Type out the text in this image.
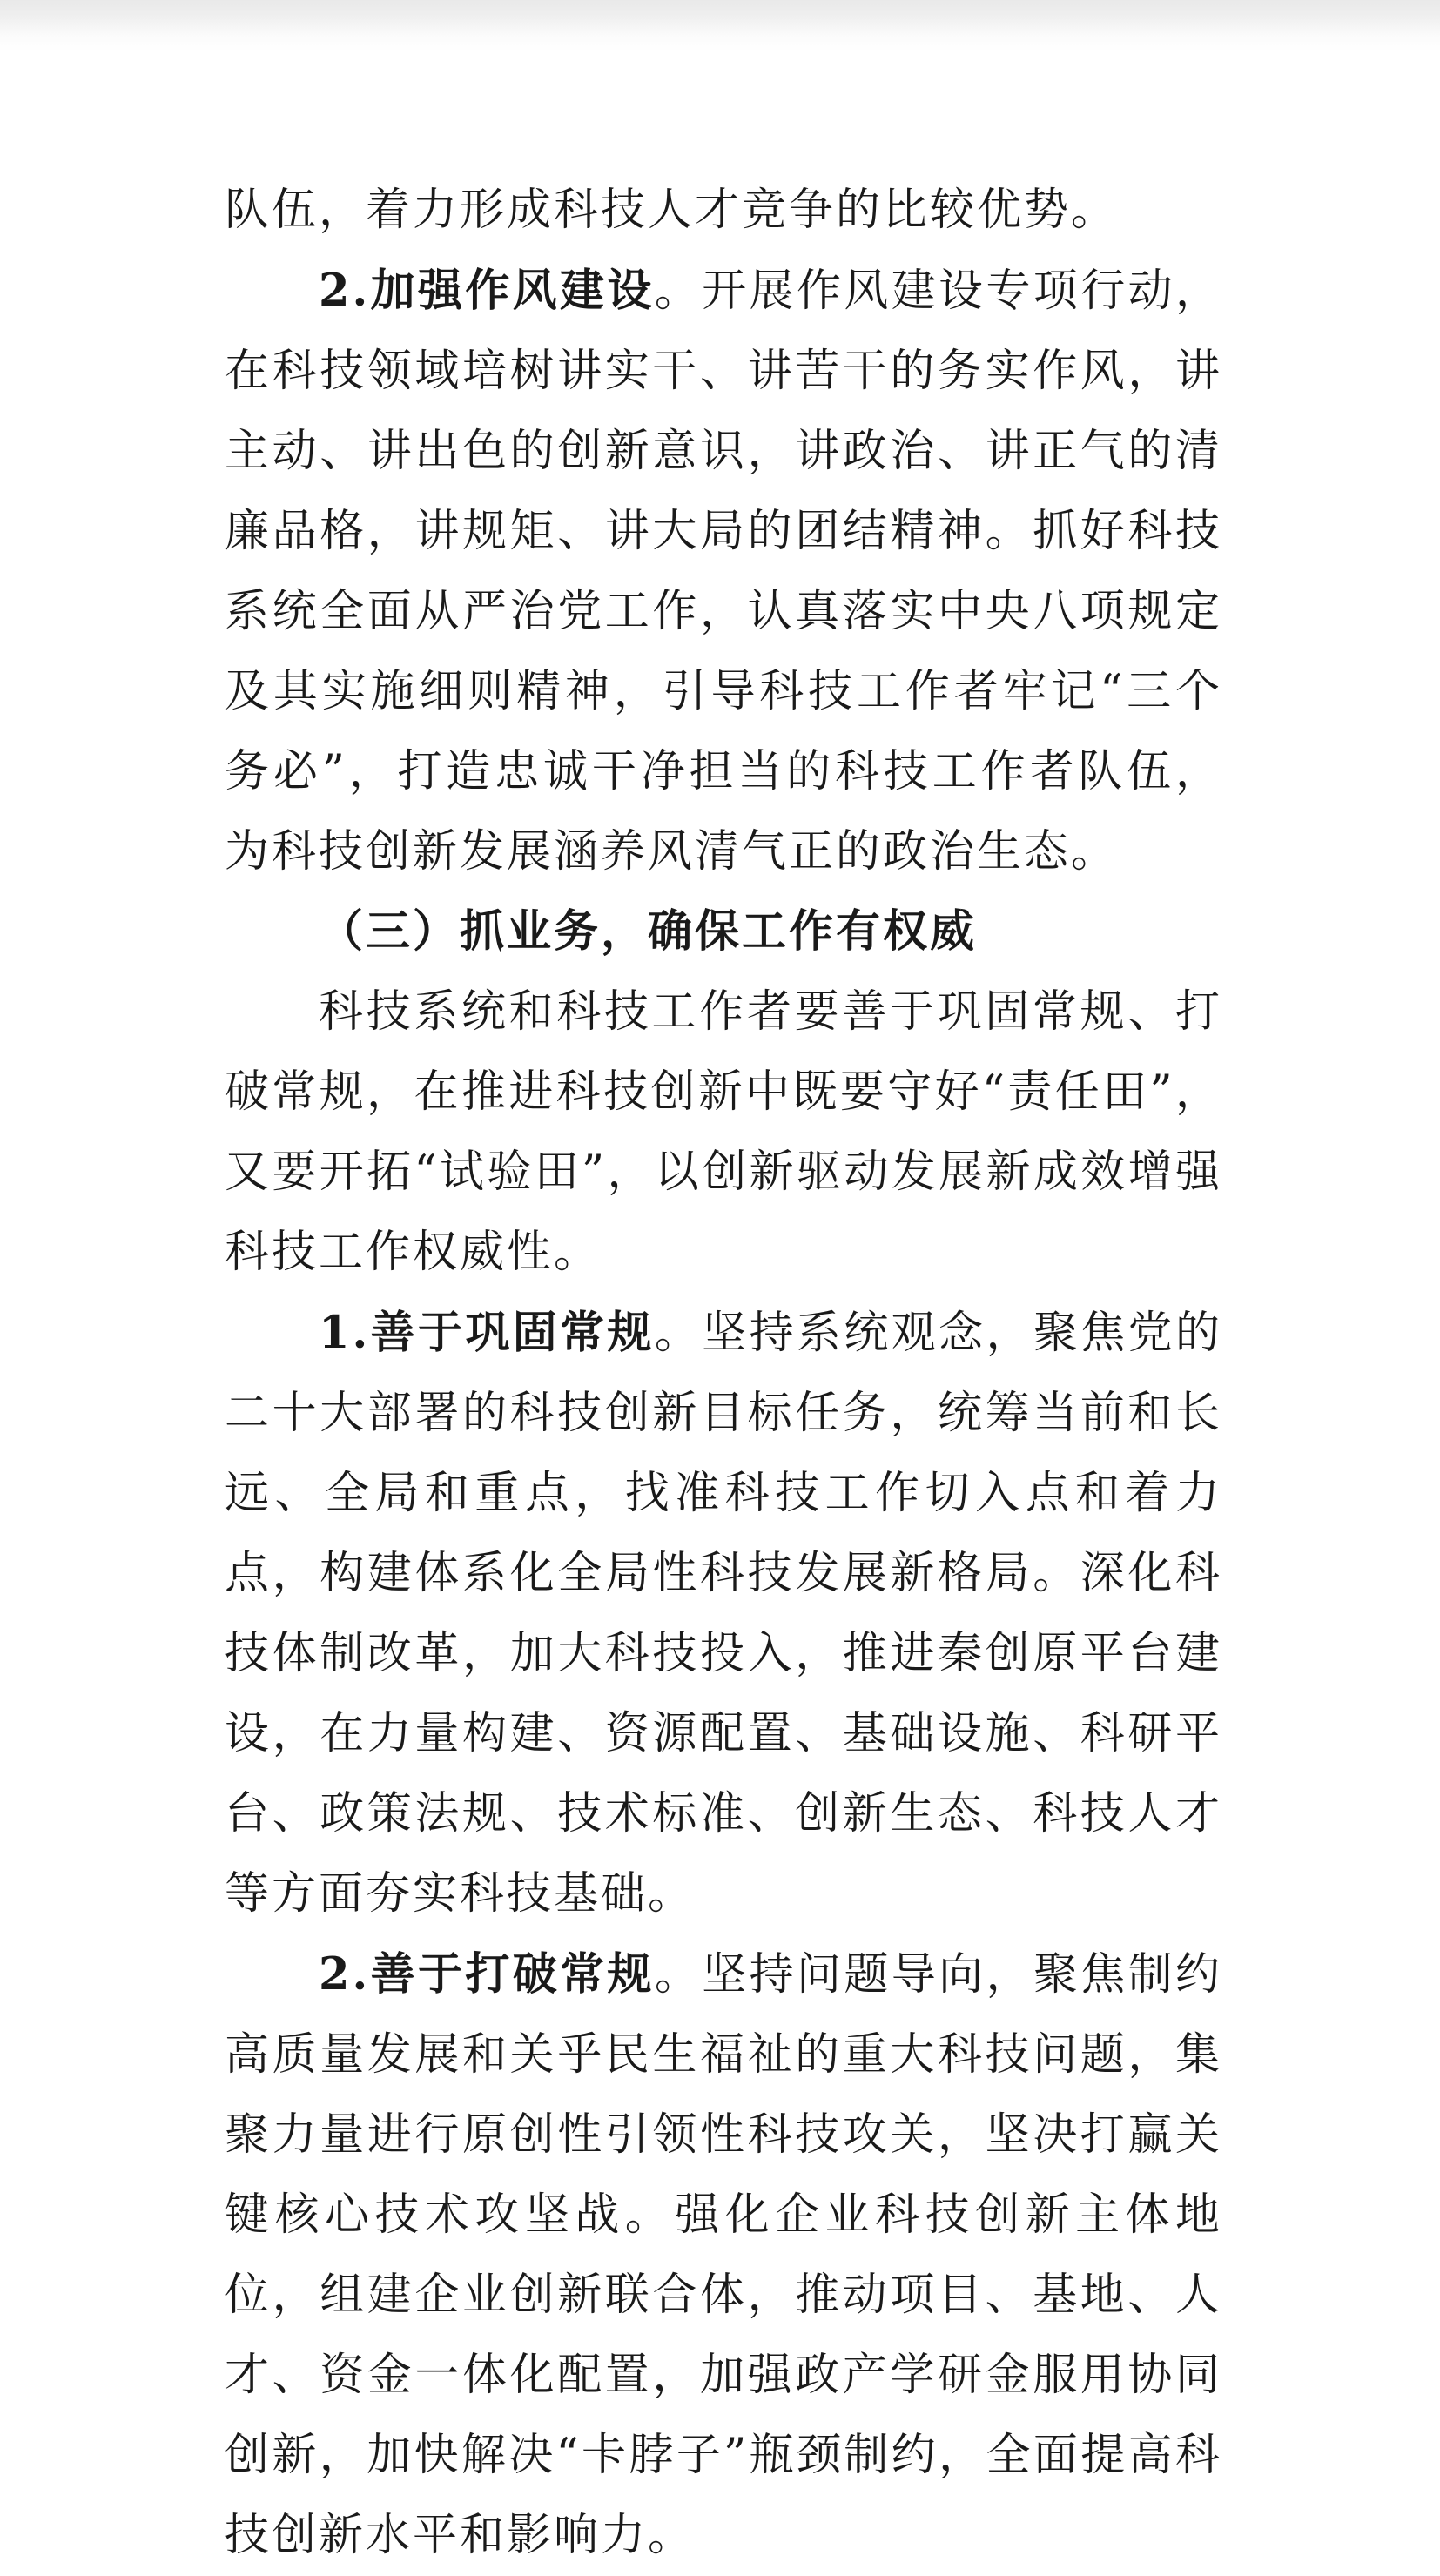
队伍，着力形成科技人才竞争的比较优势。

2.加强作风建设。开展作风建设专项行动，在科技领域培树讲实干、讲苦干的务实作风，讲主动、讲出色的创新意识，讲政治、讲正气的清廉品格，讲规矩、讲大局的团结精神。抓好科技系统全面从严治党工作，认真落实中央八项规定及其实施细则精神，引导科技工作者牢记“三个务必”，打造忠诚干净担当的科技工作者队伍，为科技创新发展涵养风清气正的政治生态。

（三）抓业务，确保工作有权威

科技系统和科技工作者要善于巩固常规、打破常规，在推进科技创新中既要守好“责任田”，又要开拓“试验田”，以创新驱动发展新成效增强科技工作权威性。

1.善于巩固常规。坚持系统观念，聚焦党的二十大部署的科技创新目标任务，统筹当前和长远、全局和重点，找准科技工作切入点和着力点，构建体系化全局性科技发展新格局。深化科技体制改革，加大科技投入，推进秦创原平台建设，在力量构建、资源配置、基础设施、科研平台、政策法规、技术标准、创新生态、科技人才等方面夯实科技基础。

2.善于打破常规。坚持问题导向，聚焦制约高质量发展和关乎民生福祉的重大科技问题，集聚力量进行原创性引领性科技攻关，坚决打赢关键核心技术攻坚战。强化企业科技创新主体地位，组建企业创新联合体，推动项目、基地、人才、资金一体化配置，加强政产学研金服用协同创新，加快解决“卡脖子”瓶颈制约，全面提高科技创新水平和影响力。
